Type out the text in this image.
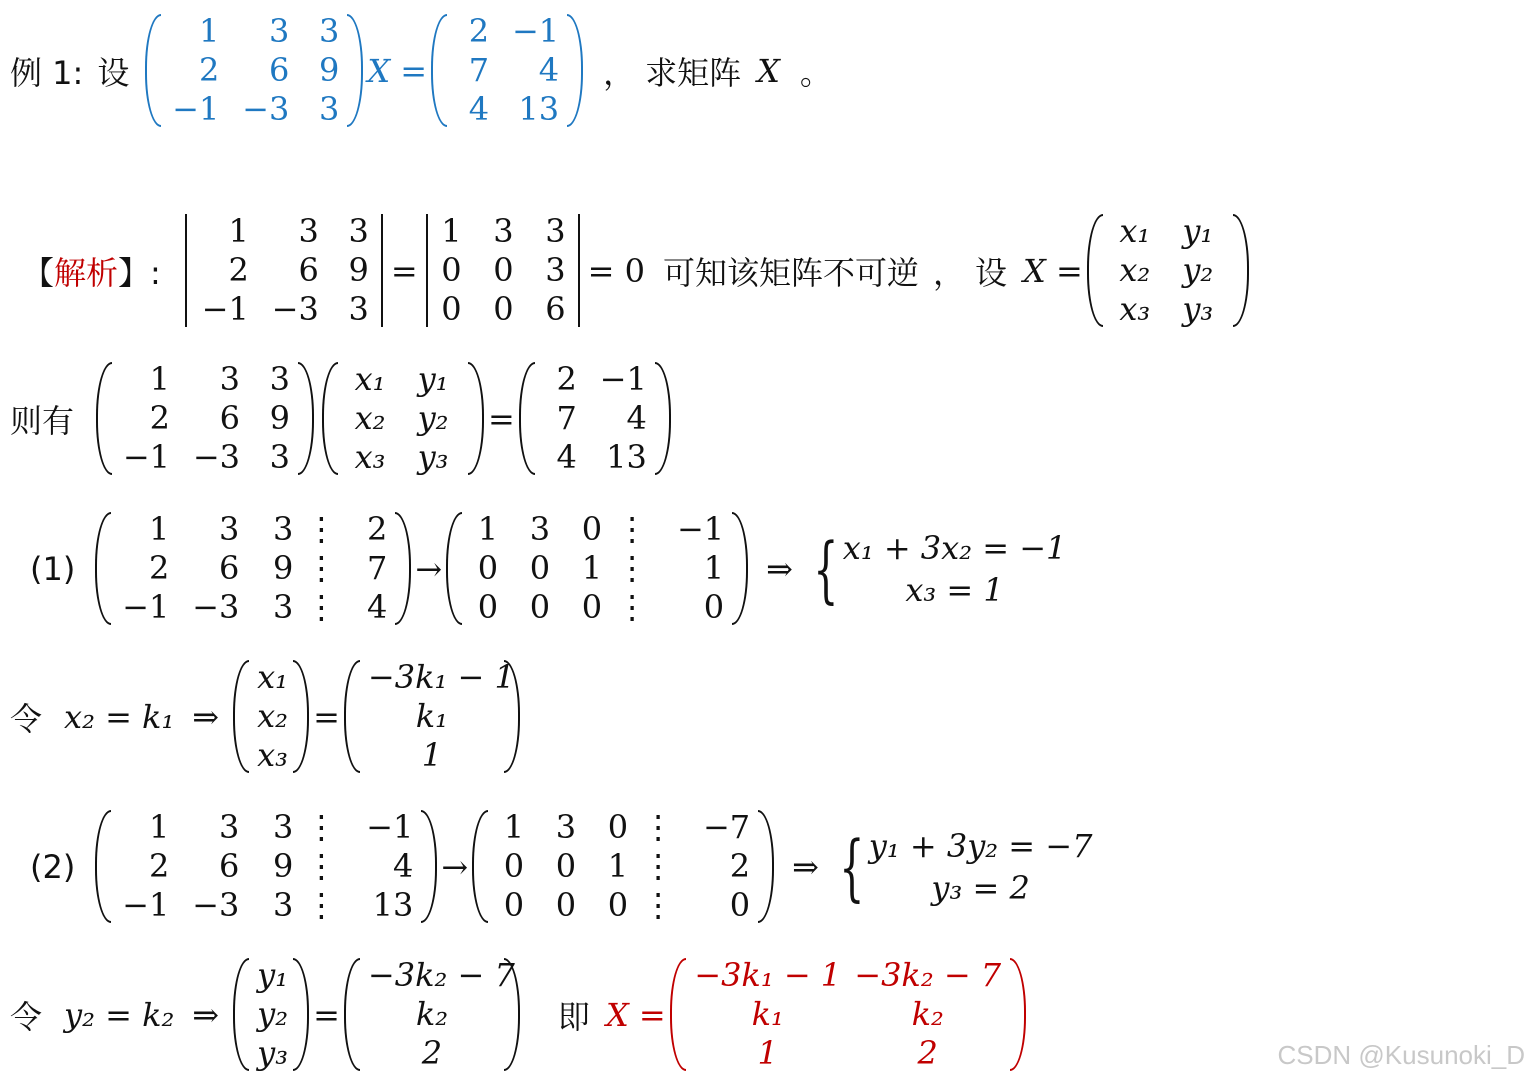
例 1: 设
1	3 3
2	6 9
−1 −3 3
X =
2 −1
7	4
4 13
， 求矩阵 X 。
【 解析 】:
1	3 3
2	6 9
−1 −3 3
=
1 3 3
0 0 3
0 0 6
= 0 可知该矩阵不可逆 ， 设 X =
x₁	y₁
x₂	y₂
x₃	y₃
则有
1	3 3
2	6 9
−1 −3 3
x₁	y₁
x₂	y₂
x₃	y₃
=
2 −1
7	4
4 13
(1)
1	3	3 ⋮ 2
2	6	9 ⋮ 7
−1 −3	3 ⋮ 4
→
1 3 0 ⋮ −1
0 0 1 ⋮	1
0 0 0 ⋮	0
⇒ { x₁ + 3x₂ = −1
x₃ = 1
令 x₂ = k₁ ⇒
x₁
x₂
x₃
=
−3k₁ − 1
k₁
1
(2)
1	3	3 ⋮ −1
2	6	9 ⋮	4
−1 −3	3 ⋮	13
→
1 3 0 ⋮ −7
0 0 1 ⋮	2
0 0 0 ⋮	0
⇒ { y₁ + 3y₂ = −7
y₃ = 2
令 y₂ = k₂ ⇒
y₁
y₂
y₃
=
−3k₂ − 7
k₂
2
即 X =
−3k₁ − 1 −3k₂ − 7
k₁	k₂
1	2	CSDN @Kusunoki_D
